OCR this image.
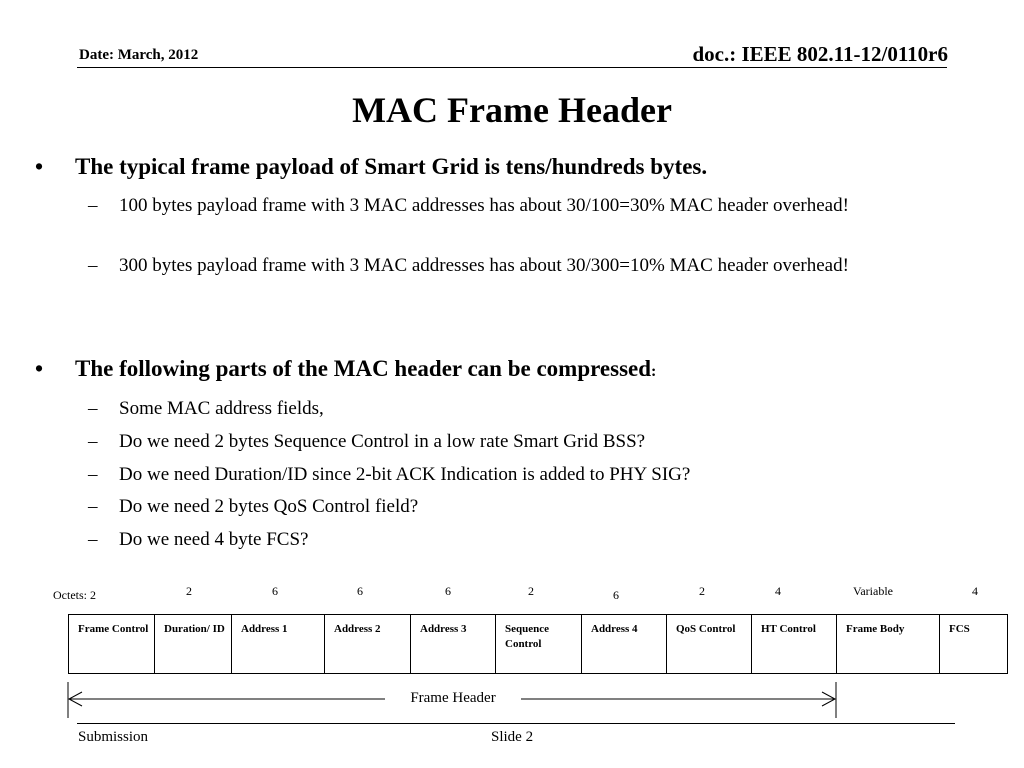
Date: March, 2012	doc.: IEEE 802.11-12/0110r6
MAC Frame Header
• The typical frame payload of Smart Grid is tens/hundreds bytes.
– 100 bytes payload frame with 3 MAC addresses has about 30/100=30% MAC header overhead!
– 300 bytes payload frame with 3 MAC addresses has about 30/300=10% MAC header overhead!
• The following parts of the MAC header can be compressed:
– Some MAC address fields,
– Do we need 2 bytes Sequence Control in a low rate Smart Grid BSS?
– Do we need Duration/ID since 2-bit ACK Indication is added to PHY SIG?
– Do we need 2 bytes QoS Control field?
– Do we need 4 byte FCS?
Octets: 2	2	6	6	6	2	6	2	4	Variable	4
Frame Control	Duration/ ID	Address 1	Address 2	Address 3	Sequence Control	Address 4	QoS Control	HT Control	Frame Body	FCS
Frame Header
Submission	Slide 2
